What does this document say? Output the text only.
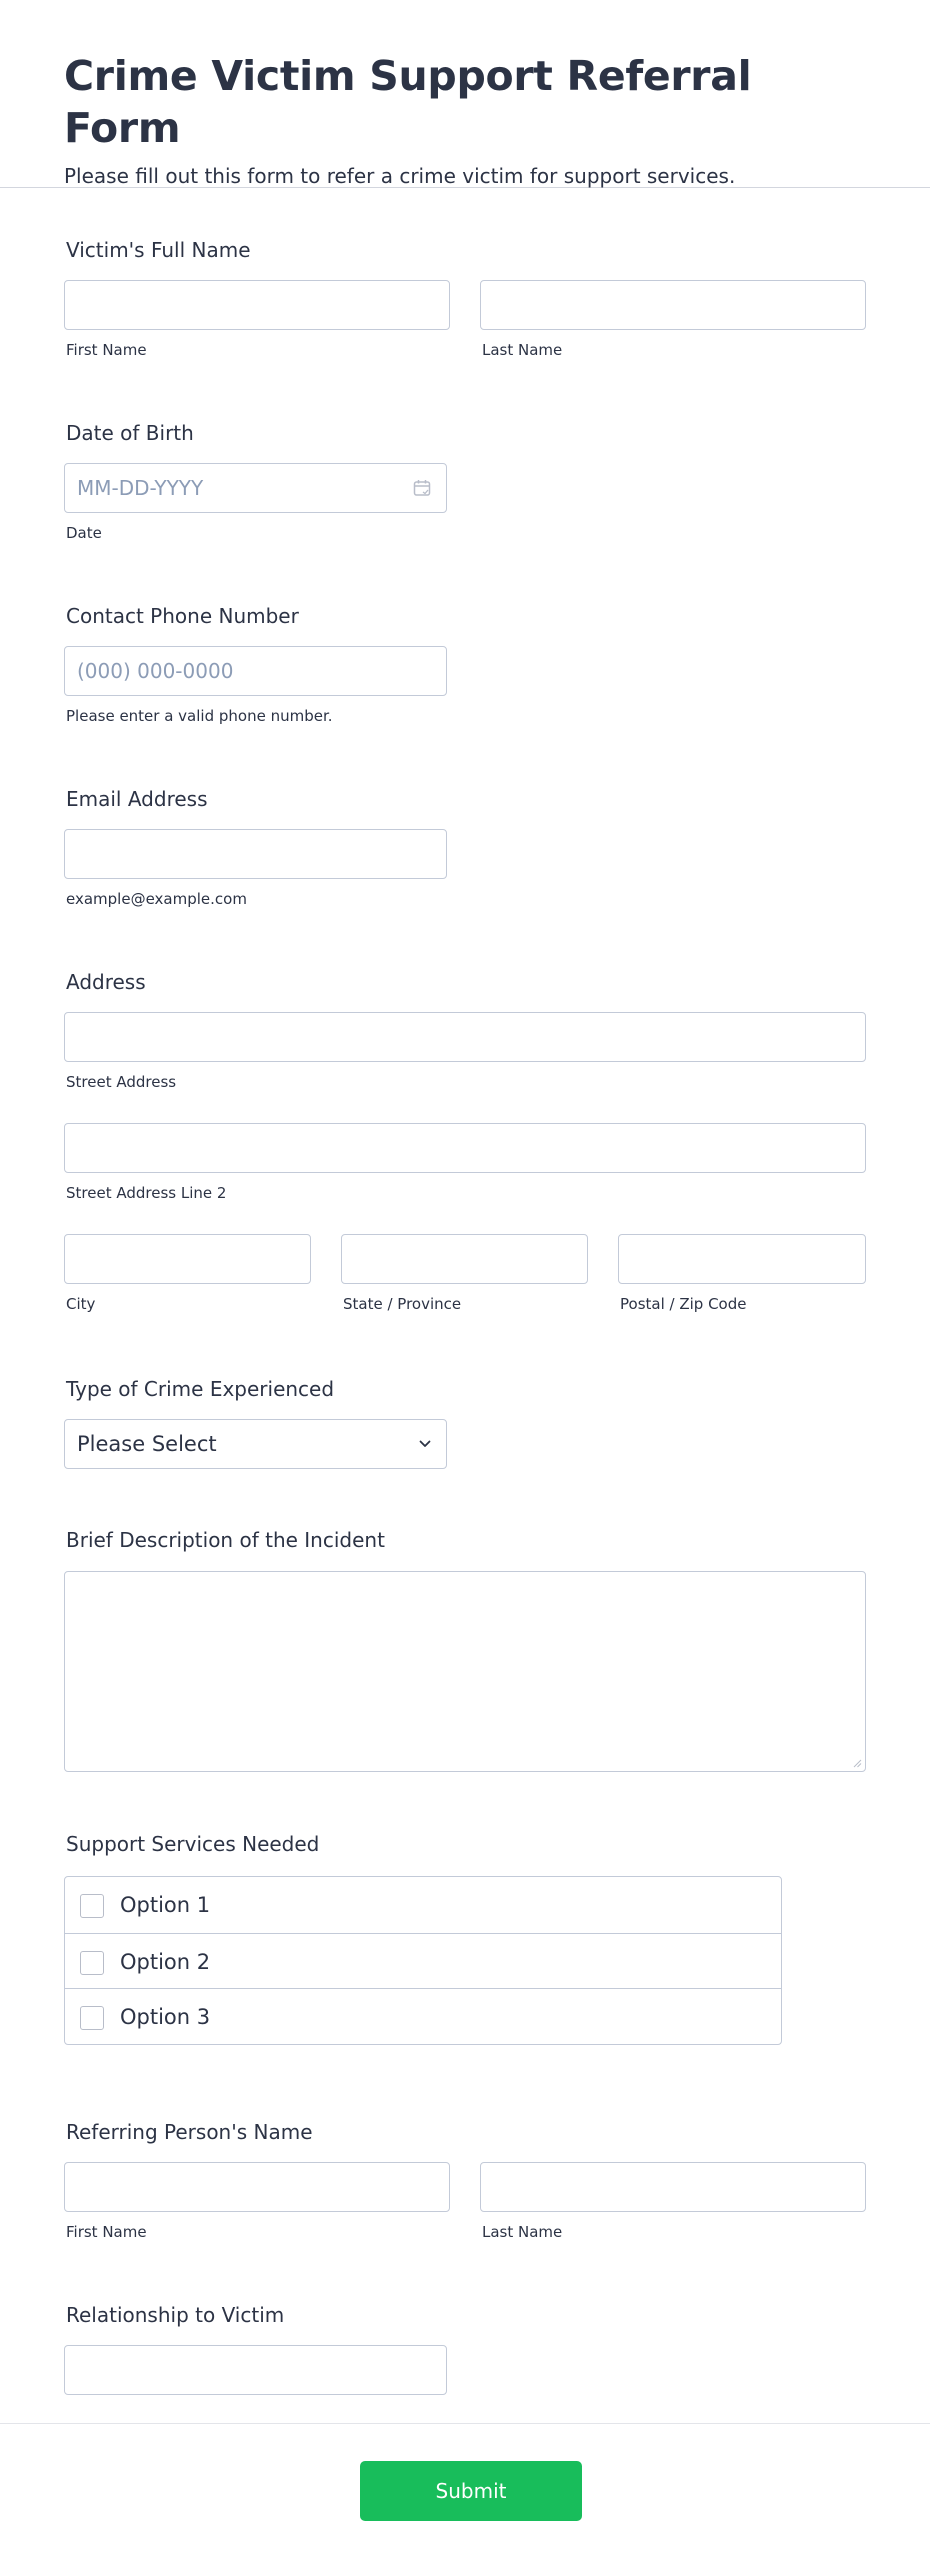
Crime Victim Support Referral Form

Please fill out this form to refer a crime victim for support services.

Victim's Full Name
First Name	Last Name
Date of Birth
MM-DD-YYYY
Date
Contact Phone Number
(000) 000-0000
Please enter a valid phone number.
Email Address
example@example.com
Address
Street Address
Street Address Line 2
City	State / Province	Postal / Zip Code
Type of Crime Experienced
Please Select
Brief Description of the Incident
Support Services Needed
Option 1
Option 2
Option 3
Referring Person's Name
First Name	Last Name
Relationship to Victim
Submit
